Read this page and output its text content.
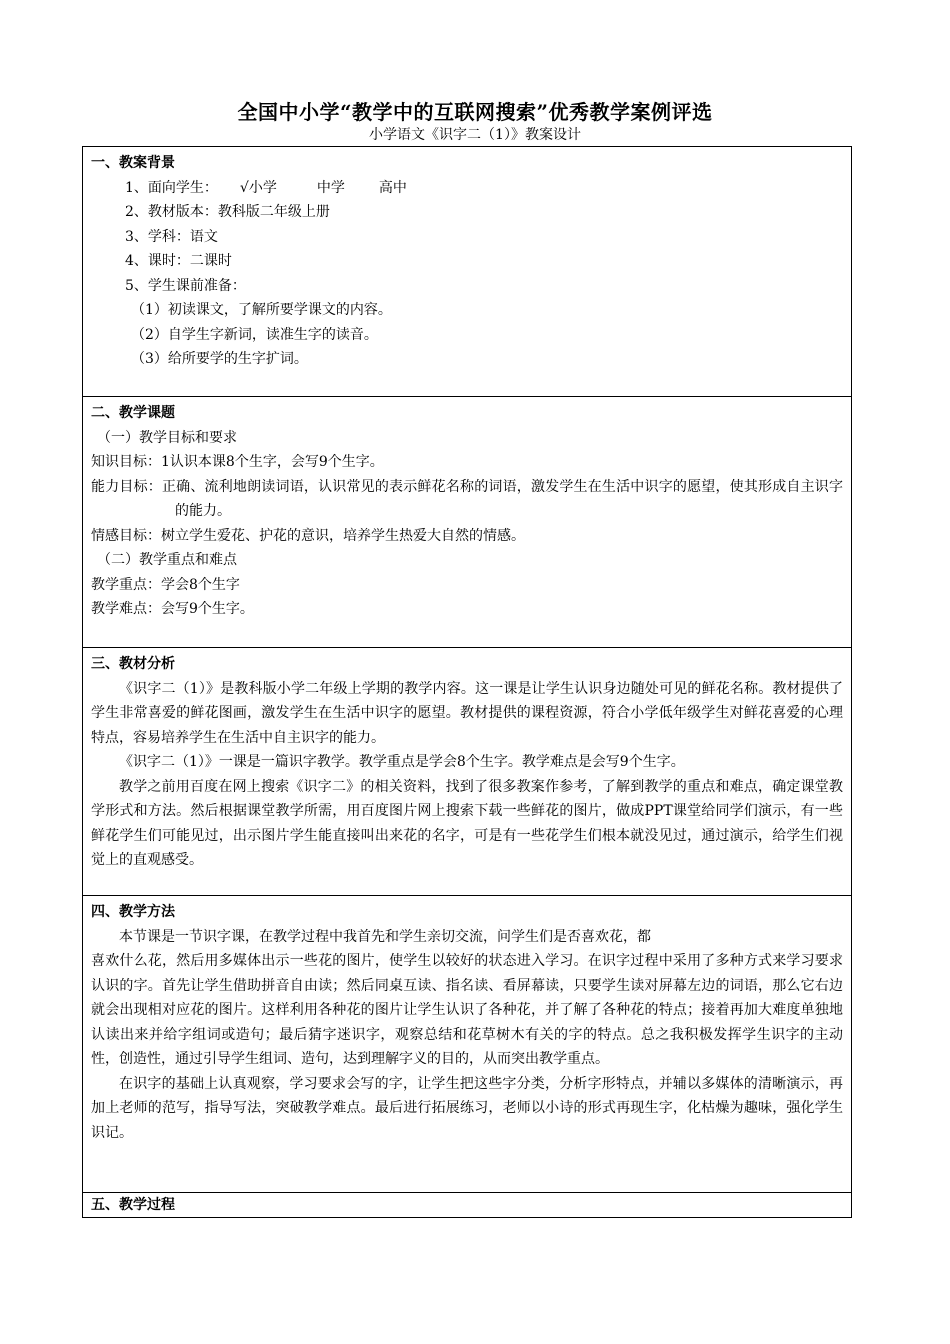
全国中小学“教学中的互联网搜索”优秀教学案例评选
小学语文《识字二（1）》教案设计
一、教案背景
1、面向学生： √小学	中学 高中
2、教材版本：教科版二年级上册
3、学科：语文
4、课时：二课时
5、学生课前准备：
（1）初读课文，了解所要学课文的内容。
（2）自学生字新词，读准生字的读音。
（3）给所要学的生字扩词。
二、教学课题
（一）教学目标和要求
知识目标：1认识本课8个生字，会写9个生字。
能力目标：正确、流利地朗读词语，认识常见的表示鲜花名称的词语，激发学生在生活中识字的愿望，使其形成自主识字的能力。
情感目标：树立学生爱花、护花的意识，培养学生热爱大自然的情感。
（二）教学重点和难点
教学重点：学会8个生字
教学难点：会写9个生字。
三、教材分析
《识字二（1）》是教科版小学二年级上学期的教学内容。这一课是让学生认识身边随处可见的鲜花名称。教材提供了学生非常喜爱的鲜花图画，激发学生在生活中识字的愿望。教材提供的课程资源，符合小学低年级学生对鲜花喜爱的心理特点，容易培养学生在生活中自主识字的能力。
《识字二（1）》一课是一篇识字教学。教学重点是学会8个生字。教学难点是会写9个生字。
教学之前用百度在网上搜索《识字二》的相关资料，找到了很多教案作参考，了解到教学的重点和难点，确定课堂教学形式和方法。然后根据课堂教学所需，用百度图片网上搜索下载一些鲜花的图片，做成PPT课堂给同学们演示，有一些鲜花学生们可能见过，出示图片学生能直接叫出来花的名字，可是有一些花学生们根本就没见过，通过演示，给学生们视觉上的直观感受。
四、教学方法
本节课是一节识字课，在教学过程中我首先和学生亲切交流，问学生们是否喜欢花，都
喜欢什么花，然后用多媒体出示一些花的图片，使学生以较好的状态进入学习。在识字过程中采用了多种方式来学习要求认识的字。首先让学生借助拼音自由读；然后同桌互读、指名读、看屏幕读，只要学生读对屏幕左边的词语，那么它右边就会出现相对应花的图片。这样利用各种花的图片让学生认识了各种花，并了解了各种花的特点；接着再加大难度单独地认读出来并给字组词或造句；最后猜字迷识字，观察总结和花草树木有关的字的特点。总之我积极发挥学生识字的主动性，创造性，通过引导学生组词、造句，达到理解字义的目的，从而突出教学重点。
在识字的基础上认真观察，学习要求会写的字，让学生把这些字分类，分析字形特点，并辅以多媒体的清晰演示，再加上老师的范写，指导写法，突破教学难点。最后进行拓展练习，老师以小诗的形式再现生字，化枯燥为趣味，强化学生识记。
五、教学过程
